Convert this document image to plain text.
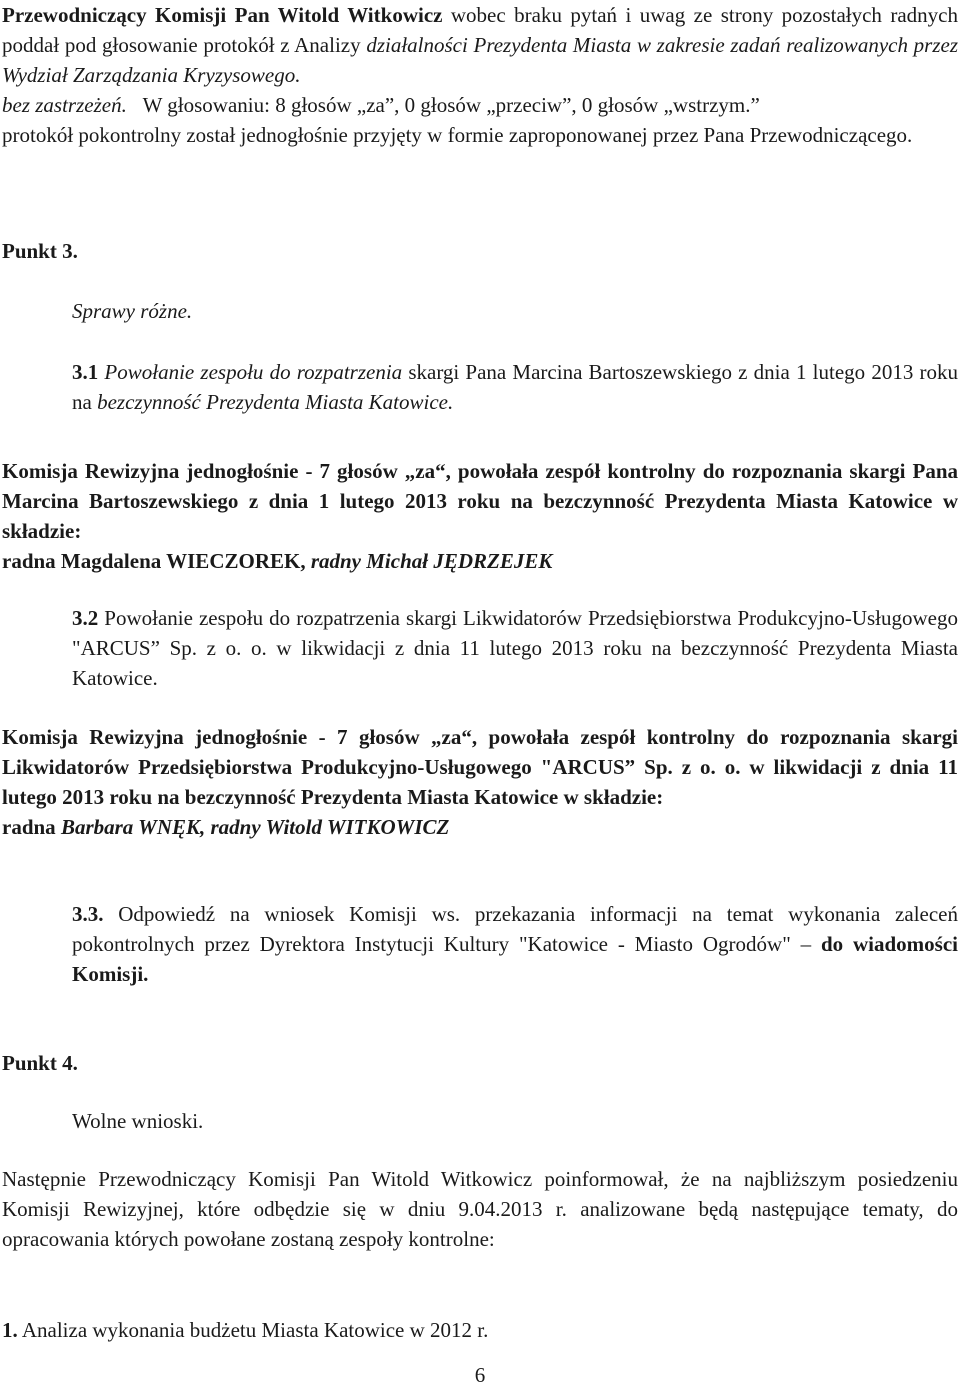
Przewodniczący Komisji Pan Witold Witkowicz wobec braku pytań i uwag ze strony pozostałych radnych poddał pod głosowanie protokół z Analizy działalności Prezydenta Miasta w zakresie zadań realizowanych przez Wydział Zarządzania Kryzysowego.

bez zastrzeżeń. W głosowaniu: 8 głosów „za”, 0 głosów „przeciw”, 0 głosów „wstrzym.”

protokół pokontrolny został jednogłośnie przyjęty w formie zaproponowanej przez Pana Przewodniczącego.

Punkt 3.

Sprawy różne.

3.1 Powołanie zespołu do rozpatrzenia skargi Pana Marcina Bartoszewskiego z dnia 1 lutego 2013 roku na bezczynność Prezydenta Miasta Katowice.

Komisja Rewizyjna jednogłośnie - 7 głosów „za“, powołała zespół kontrolny do rozpoznania skargi Pana Marcina Bartoszewskiego z dnia 1 lutego 2013 roku na bezczynność Prezydenta Miasta Katowice w składzie:
radna Magdalena WIECZOREK, radny Michał JĘDRZEJEK

3.2 Powołanie zespołu do rozpatrzenia skargi Likwidatorów Przedsiębiorstwa Produkcyjno-Usługowego "ARCUS” Sp. z o. o. w likwidacji z dnia 11 lutego 2013 roku na bezczynność Prezydenta Miasta Katowice.

Komisja Rewizyjna jednogłośnie - 7 głosów „za“, powołała zespół kontrolny do rozpoznania skargi Likwidatorów Przedsiębiorstwa Produkcyjno-Usługowego "ARCUS” Sp. z o. o. w likwidacji z dnia 11 lutego 2013 roku na bezczynność Prezydenta Miasta Katowice w składzie:
radna Barbara WNĘK, radny Witold WITKOWICZ

3.3. Odpowiedź na wniosek Komisji ws. przekazania informacji na temat wykonania zaleceń pokontrolnych przez Dyrektora Instytucji Kultury "Katowice - Miasto Ogrodów" – do wiadomości Komisji.

Punkt 4.

Wolne wnioski.

Następnie Przewodniczący Komisji Pan Witold Witkowicz poinformował, że na najbliższym posiedzeniu Komisji Rewizyjnej, które odbędzie się w dniu 9.04.2013 r. analizowane będą następujące tematy, do opracowania których powołane zostaną zespoły kontrolne:

1. Analiza wykonania budżetu Miasta Katowice w 2012 r.

6
